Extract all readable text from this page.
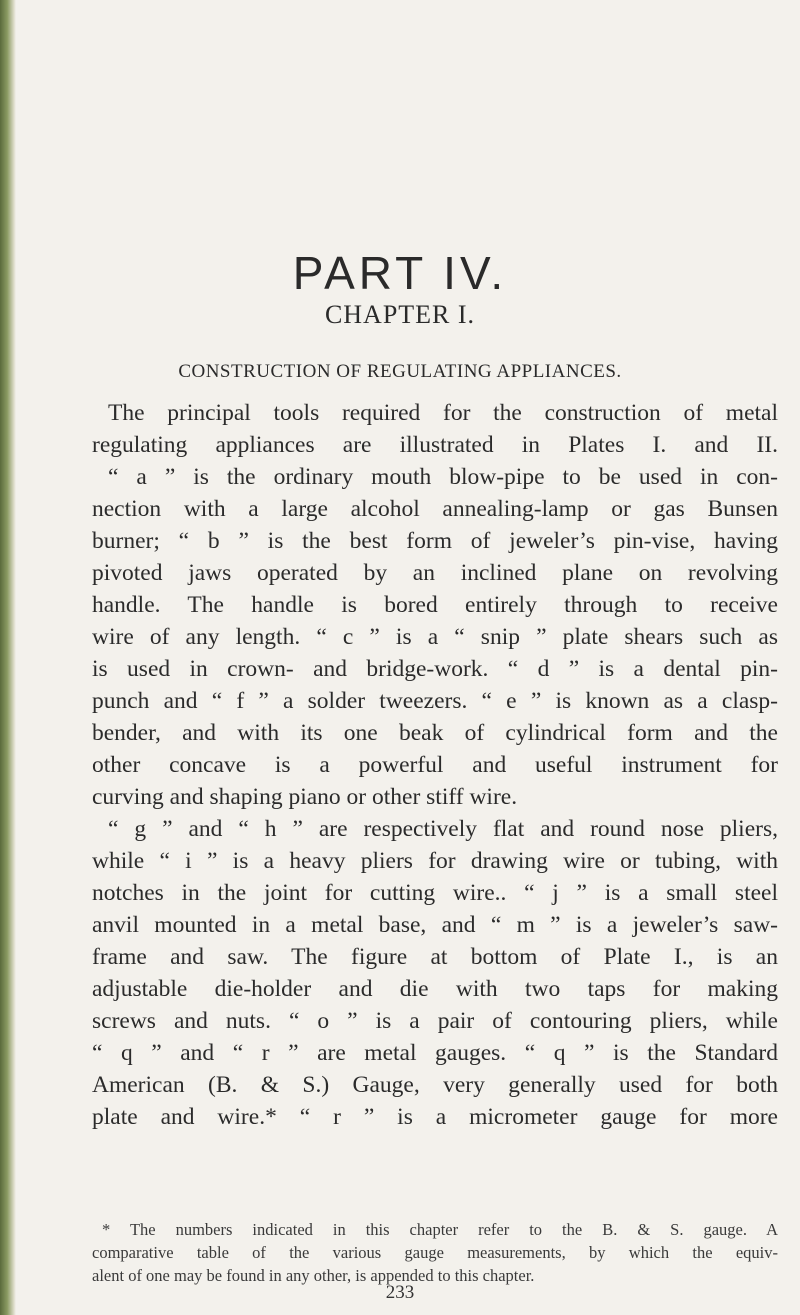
PART IV.
CHAPTER I.
CONSTRUCTION OF REGULATING APPLIANCES.
The principal tools required for the construction of metal
regulating appliances are illustrated in Plates I. and II.
“ a ” is the ordinary mouth blow-pipe to be used in con-
nection with a large alcohol annealing-lamp or gas Bunsen
burner; “ b ” is the best form of jeweler’s pin-vise, having
pivoted jaws operated by an inclined plane on revolving
handle. The handle is bored entirely through to receive
wire of any length. “ c ” is a “ snip ” plate shears such as
is used in crown- and bridge-work. “ d ” is a dental pin-
punch and “ f ” a solder tweezers. “ e ” is known as a clasp-
bender, and with its one beak of cylindrical form and the
other concave is a powerful and useful instrument for
curving and shaping piano or other stiff wire.
“ g ” and “ h ” are respectively flat and round nose pliers,
while “ i ” is a heavy pliers for drawing wire or tubing, with
notches in the joint for cutting wire.. “ j ” is a small steel
anvil mounted in a metal base, and “ m ” is a jeweler’s saw-
frame and saw. The figure at bottom of Plate I., is an
adjustable die-holder and die with two taps for making
screws and nuts. “ o ” is a pair of contouring pliers, while
“ q ” and “ r ” are metal gauges. “ q ” is the Standard
American (B. & S.) Gauge, very generally used for both
plate and wire.* “ r ” is a micrometer gauge for more
* The numbers indicated in this chapter refer to the B. & S. gauge. A
comparative table of the various gauge measurements, by which the equiv-
alent of one may be found in any other, is appended to this chapter.
233
